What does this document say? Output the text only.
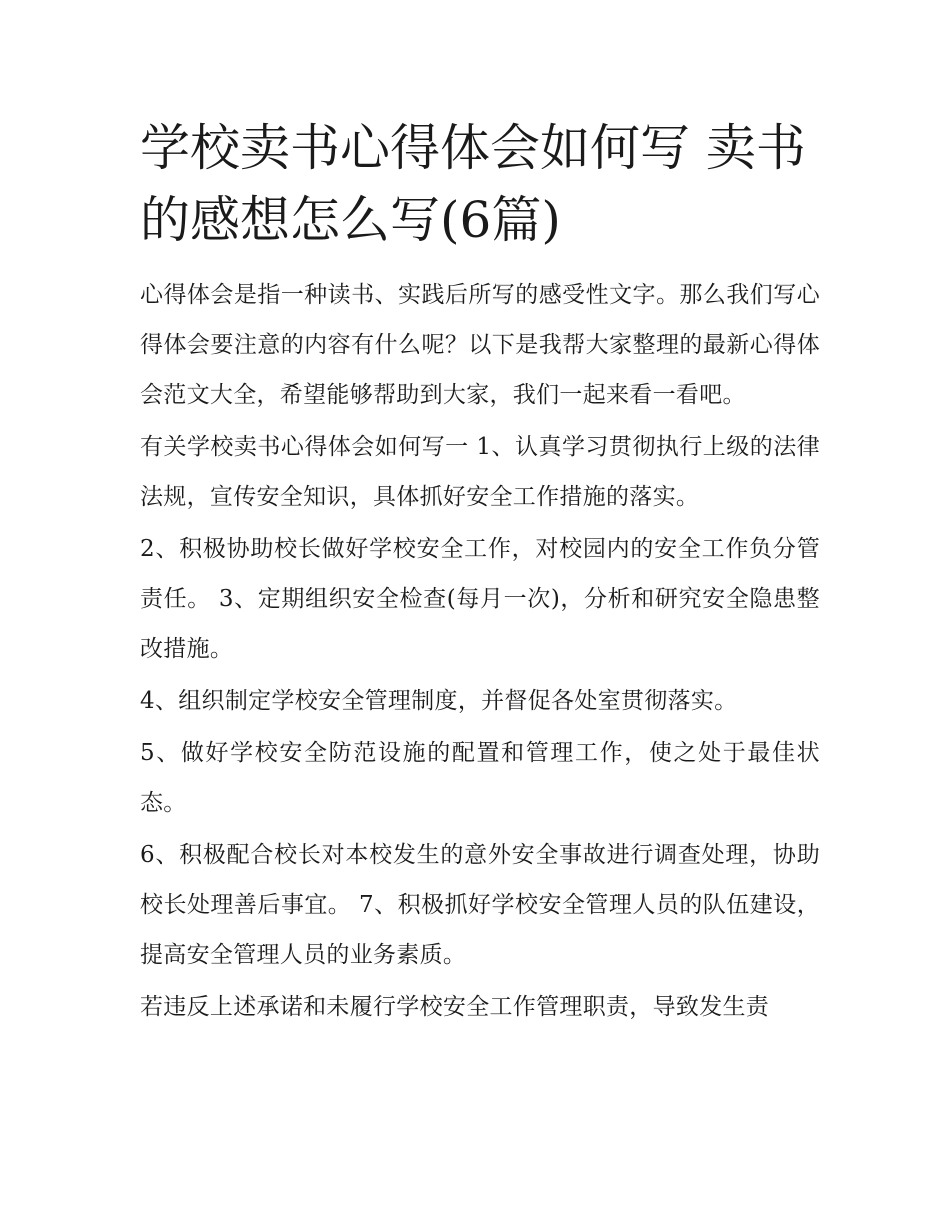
学校卖书心得体会如何写 卖书的感想怎么写(6篇)

心得体会是指一种读书、实践后所写的感受性文字。那么我们写心得体会要注意的内容有什么呢？以下是我帮大家整理的最新心得体会范文大全，希望能够帮助到大家，我们一起来看一看吧。

有关学校卖书心得体会如何写一 1、认真学习贯彻执行上级的法律法规，宣传安全知识，具体抓好安全工作措施的落实。

2、积极协助校长做好学校安全工作，对校园内的安全工作负分管责任。 3、定期组织安全检查(每月一次)，分析和研究安全隐患整改措施。

4、组织制定学校安全管理制度，并督促各处室贯彻落实。

5、做好学校安全防范设施的配置和管理工作，使之处于最佳状态。

6、积极配合校长对本校发生的意外安全事故进行调查处理，协助校长处理善后事宜。 7、积极抓好学校安全管理人员的队伍建设，提高安全管理人员的业务素质。

若违反上述承诺和未履行学校安全工作管理职责，导致发生责
